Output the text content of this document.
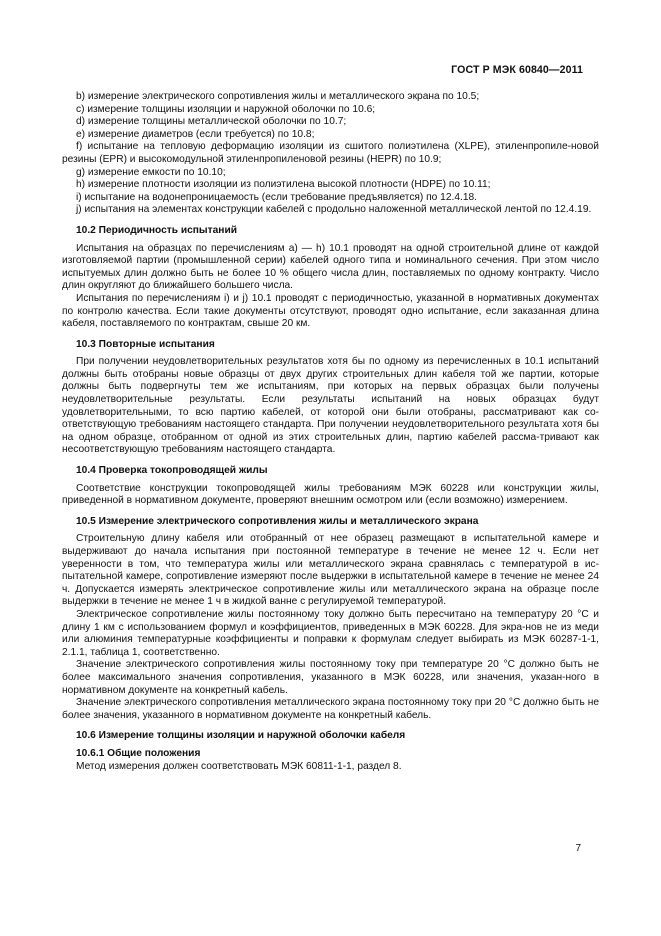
ГОСТ Р МЭК 60840—2011

b) измерение электрического сопротивления жилы и металлического экрана по 10.5;

c) измерение толщины изоляции и наружной оболочки по 10.6;

d) измерение толщины металлической оболочки по 10.7;

e) измерение диаметров (если требуется) по 10.8;

f) испытание на тепловую деформацию изоляции из сшитого полиэтилена (XLPE), этиленпропиле-новой резины (EPR) и высокомодульной этиленпропиленовой резины (HEPR) по 10.9;

g) измерение емкости по 10.10;

h) измерение плотности изоляции из полиэтилена высокой плотности (HDPE) по 10.11;

i) испытание на водонепроницаемость (если требование предъявляется) по 12.4.18.

j) испытания на элементах конструкции кабелей с продольно наложенной металлической лентой по 12.4.19.

10.2 Периодичность испытаний

Испытания на образцах по перечислениям a) — h) 10.1 проводят на одной строительной длине от каждой изготовляемой партии (промышленной серии) кабелей одного типа и номинального сечения. При этом число испытуемых длин должно быть не более 10 % общего числа длин, поставляемых по одному контракту. Число длин округляют до ближайшего большего числа.

Испытания по перечислениям i) и j) 10.1 проводят с периодичностью, указанной в нормативных документах по контролю качества. Если такие документы отсутствуют, проводят одно испытание, если заказанная длина кабеля, поставляемого по контрактам, свыше 20 км.

10.3 Повторные испытания

При получении неудовлетворительных результатов хотя бы по одному из перечисленных в 10.1 испытаний должны быть отобраны новые образцы от двух других строительных длин кабеля той же партии, которые должны быть подвергнуты тем же испытаниям, при которых на первых образцах были получены неудовлетворительные результаты. Если результаты испытаний на новых образцах будут удовлетворительными, то всю партию кабелей, от которой они были отобраны, рассматривают как со-ответствующую требованиям настоящего стандарта. При получении неудовлетворительного результата хотя бы на одном образце, отобранном от одной из этих строительных длин, партию кабелей рассма-тривают как несоответствующую требованиям настоящего стандарта.

10.4 Проверка токопроводящей жилы

Соответствие конструкции токопроводящей жилы требованиям МЭК 60228 или конструкции жилы, приведенной в нормативном документе, проверяют внешним осмотром или (если возможно) измерением.

10.5 Измерение электрического сопротивления жилы и металлического экрана

Строительную длину кабеля или отобранный от нее образец размещают в испытательной камере и выдерживают до начала испытания при постоянной температуре в течение не менее 12 ч. Если нет уверенности в том, что температура жилы или металлического экрана сравнялась с температурой в ис-пытательной камере, сопротивление измеряют после выдержки в испытательной камере в течение не менее 24 ч. Допускается измерять электрическое сопротивление жилы или металлического экрана на образце после выдержки в течение не менее 1 ч в жидкой ванне с регулируемой температурой.

Электрическое сопротивление жилы постоянному току должно быть пересчитано на температуру 20 °С и длину 1 км с использованием формул и коэффициентов, приведенных в МЭК 60228. Для экра-нов не из меди или алюминия температурные коэффициенты и поправки к формулам следует выбирать из МЭК 60287-1-1, 2.1.1, таблица 1, соответственно.

Значение электрического сопротивления жилы постоянному току при температуре 20 °С должно быть не более максимального значения сопротивления, указанного в МЭК 60228, или значения, указан-ного в нормативном документе на конкретный кабель.

Значение электрического сопротивления металлического экрана постоянному току при 20 °С должно быть не более значения, указанного в нормативном документе на конкретный кабель.

10.6 Измерение толщины изоляции и наружной оболочки кабеля

10.6.1 Общие положения

Метод измерения должен соответствовать МЭК 60811-1-1, раздел 8.

7
